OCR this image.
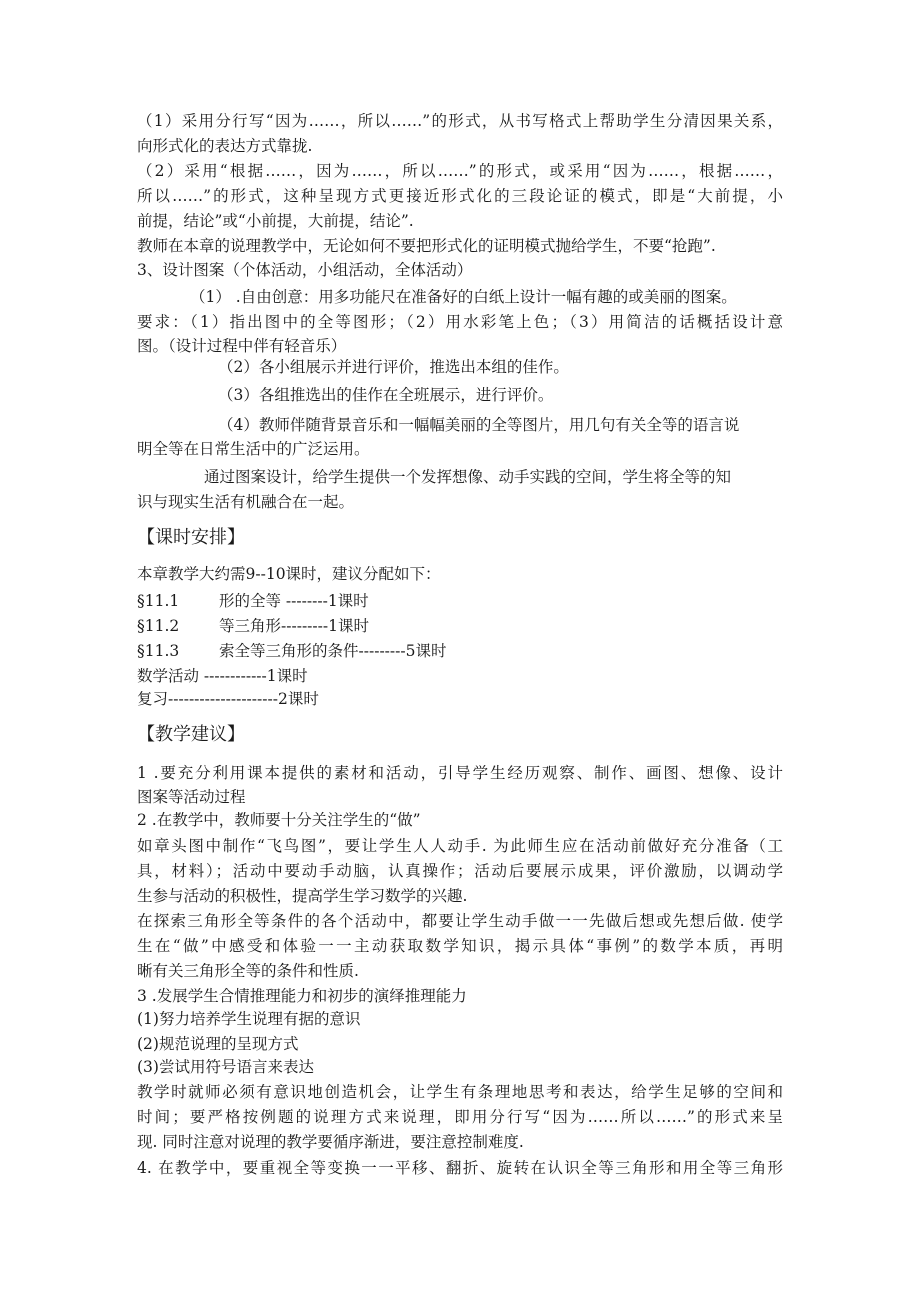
（1）采用分行写“因为……，所以……”的形式，从书写格式上帮助学生分清因果关系，

向形式化的表达方式靠拢.

（2）采用“根据……，因为……，所以……”的形式，或采用“因为……，根据……，

所以……”的形式，这种呈现方式更接近形式化的三段论证的模式，即是“大前提，小

前提，结论”或“小前提，大前提，结论”.

教师在本章的说理教学中，无论如何不要把形式化的证明模式抛给学生，不要“抢跑”.

3、设计图案（个体活动，小组活动，全体活动）

（1） .自由创意：用多功能尺在准备好的白纸上设计一幅有趣的或美丽的图案。

要求：（1）指出图中的全等图形；（2）用水彩笔上色；（3）用简洁的话概括设计意

图。（设计过程中伴有轻音乐）

（2）各小组展示并进行评价，推选出本组的佳作。

（3）各组推选出的佳作在全班展示，进行评价。

（4）教师伴随背景音乐和一幅幅美丽的全等图片，用几句有关全等的语言说

明全等在日常生活中的广泛运用。

通过图案设计，给学生提供一个发挥想像、动手实践的空间，学生将全等的知

识与现实生活有机融合在一起。

【课时安排】

本章教学大约需9--10课时，建议分配如下：

§11.1	形的全等 --------1课时

§11.2	等三角形---------1课时

§11.3	索全等三角形的条件---------5课时

数学活动 ------------1课时

复习---------------------2课时

【教学建议】

1 .要充分利用课本提供的素材和活动，引导学生经历观察、制作、画图、想像、设计

图案等活动过程

2 .在教学中，教师要十分关注学生的“做”

如章头图中制作“飞鸟图”，要让学生人人动手. 为此师生应在活动前做好充分准备（工

具，材料）；活动中要动手动脑，认真操作；活动后要展示成果，评价激励，以调动学

生参与活动的积极性，提高学生学习数学的兴趣.

在探索三角形全等条件的各个活动中，都要让学生动手做一一先做后想或先想后做. 使学

生在“做”中感受和体验一一主动获取数学知识，揭示具体“事例”的数学本质，再明

晰有关三角形全等的条件和性质.

3 .发展学生合情推理能力和初步的演绎推理能力

(1)努力培养学生说理有据的意识

(2)规范说理的呈现方式

(3)尝试用符号语言来表达

教学时就师必须有意识地创造机会，让学生有条理地思考和表达，给学生足够的空间和

时间；要严格按例题的说理方式来说理，即用分行写“因为……所以……”的形式来呈

现. 同时注意对说理的教学要循序渐进，要注意控制难度.

4. 在教学中，要重视全等变换一一平移、翻折、旋转在认识全等三角形和用全等三角形
